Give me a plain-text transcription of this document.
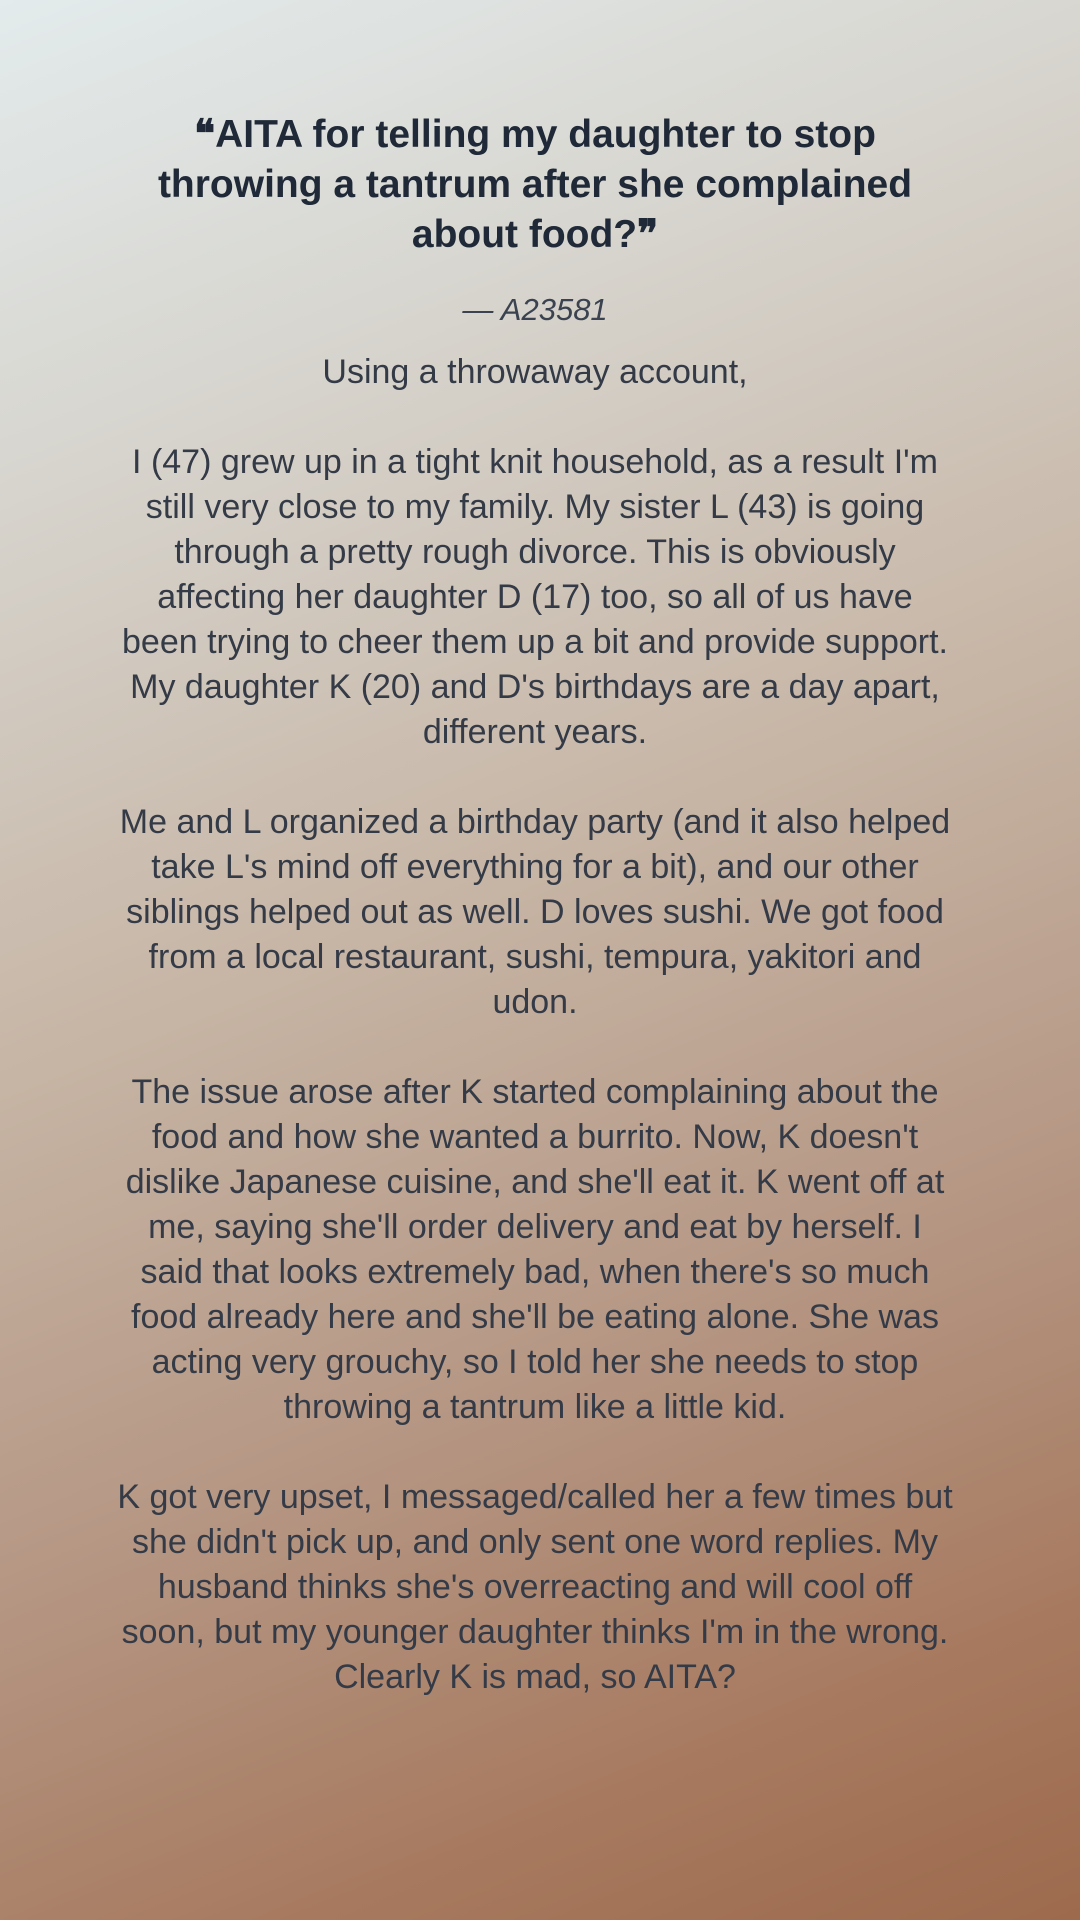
❝AITA for telling my daughter to stop throwing a tantrum after she complained about food?❞
— A23581

Using a throwaway account,

I (47) grew up in a tight knit household, as a result I'm still very close to my family. My sister L (43) is going through a pretty rough divorce. This is obviously affecting her daughter D (17) too, so all of us have been trying to cheer them up a bit and provide support. My daughter K (20) and D's birthdays are a day apart, different years.

Me and L organized a birthday party (and it also helped take L's mind off everything for a bit), and our other siblings helped out as well. D loves sushi. We got food from a local restaurant, sushi, tempura, yakitori and udon.

The issue arose after K started complaining about the food and how she wanted a burrito. Now, K doesn't dislike Japanese cuisine, and she'll eat it. K went off at me, saying she'll order delivery and eat by herself. I said that looks extremely bad, when there's so much food already here and she'll be eating alone. She was acting very grouchy, so I told her she needs to stop throwing a tantrum like a little kid.

K got very upset, I messaged/called her a few times but she didn't pick up, and only sent one word replies. My husband thinks she's overreacting and will cool off soon, but my younger daughter thinks I'm in the wrong. Clearly K is mad, so AITA?
